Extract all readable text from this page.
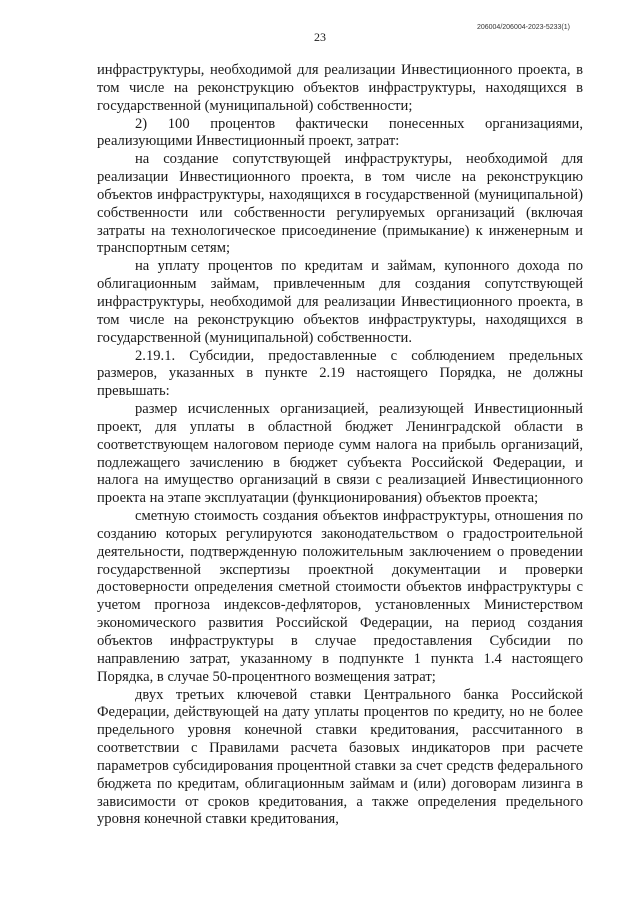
23
206004/206004-2023-5233(1)

инфраструктуры, необходимой для реализации Инвестиционного проекта, в том числе на реконструкцию объектов инфраструктуры, находящихся в государственной (муниципальной) собственности;

2) 100 процентов фактически понесенных организациями, реализующими Инвестиционный проект, затрат:

на создание сопутствующей инфраструктуры, необходимой для реализации Инвестиционного проекта, в том числе на реконструкцию объектов инфраструктуры, находящихся в государственной (муниципальной) собственности или собственности регулируемых организаций (включая затраты на технологическое присоединение (примыкание) к инженерным и транспортным сетям;

на уплату процентов по кредитам и займам, купонного дохода по облигационным займам, привлеченным для создания сопутствующей инфраструктуры, необходимой для реализации Инвестиционного проекта, в том числе на реконструкцию объектов инфраструктуры, находящихся в государственной (муниципальной) собственности.

2.19.1. Субсидии, предоставленные с соблюдением предельных размеров, указанных в пункте 2.19 настоящего Порядка, не должны превышать:

размер исчисленных организацией, реализующей Инвестиционный проект, для уплаты в областной бюджет Ленинградской области в соответствующем налоговом периоде сумм налога на прибыль организаций, подлежащего зачислению в бюджет субъекта Российской Федерации, и налога на имущество организаций в связи с реализацией Инвестиционного проекта на этапе эксплуатации (функционирования) объектов проекта;

сметную стоимость создания объектов инфраструктуры, отношения по созданию которых регулируются законодательством о градостроительной деятельности, подтвержденную положительным заключением о проведении государственной экспертизы проектной документации и проверки достоверности определения сметной стоимости объектов инфраструктуры с учетом прогноза индексов-дефляторов, установленных Министерством экономического развития Российской Федерации, на период создания объектов инфраструктуры в случае предоставления Субсидии по направлению затрат, указанному в подпункте 1 пункта 1.4 настоящего Порядка, в случае 50-процентного возмещения затрат;

двух третьих ключевой ставки Центрального банка Российской Федерации, действующей на дату уплаты процентов по кредиту, но не более предельного уровня конечной ставки кредитования, рассчитанного в соответствии с Правилами расчета базовых индикаторов при расчете параметров субсидирования процентной ставки за счет средств федерального бюджета по кредитам, облигационным займам и (или) договорам лизинга в зависимости от сроков кредитования, а также определения предельного уровня конечной ставки кредитования,
